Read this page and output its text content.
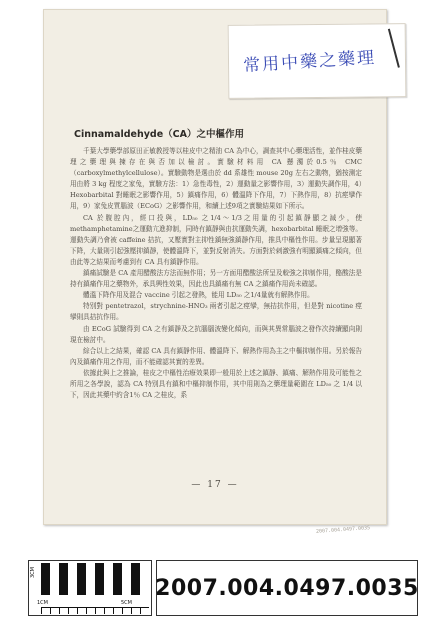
常用中藥之藥理
Cinnamaldehyde（CA）之中樞作用

千葉大學藥學部原田正敏教授等以桂皮中之精油 CA 為中心，調查其中心藥理活性，並作桂皮藥理之藥理與揀存在與否加以檢討。實驗材料用 CA 懸濁於0.5％ CMC（carboxylmethylcellulose）。實驗動物是選由於 dd 系雄性 mouse 20g 左右之動物，猶按測定用由將 3 kg 程度之家兔，實驗方法：1）急性毒性，2）運動量之影響作用，3）運動失調作用，4）Hexobarbital 對睡眠之影響作用，5）鎮痛作用，6）體溫降下作用，7）下熱作用，8）抗痙攣作用，9）家兔皮質腦波（ECoG）之影響作用，和續上述9項之實驗結果如下所示。

CA 於腹腔內，經口投與，LD₅₀ 之1/4～1/3之用量的引起鎮靜顯之減少，使 methamphetamine之運動亢進抑制，同時有鎮靜與由抗運動失調，hexobarbital 睡眠之增強等。運動失調乃會被 caffeine 拮抗，又壓實對主抑性鎮無強鎮靜作用，推具中樞性作用。步量呈現顯著下降，大量則引起強壓抑鎮靜，使體溫降下，並對反射消失。方面對於刺激強有明顯鎮痛之傾向，但由此等之結果而考慮到有 CA 具有鎮靜作用。

鎮痛試驗是 CA 產用醋酸法方法而無作用；另一方面用醋酸法所呈及較強之抑制作用，酪酸法是持有鎮痛作用之藥物外，承具興性效果，因此也具鎮痛有無 CA 之鎮痛作用尚未確認。

體溫下降作用及混合 vaccine 引起之發熱，能用 LD₅₀ 之1/4量就有解熱作用。

特別對 pentetrazol，strychnine-HNO₃ 兩者引起之痙攣，無拮抗作用，但是對 nicotine 痙攣則具拮抗作用。

由 ECoG 試驗得到 CA 之有鎮靜及之抗腦腦波變化傾向，而與其異常腦波之發作次持續顯向則現在檢討中。

綜合以上之結果，確認 CA 具有鎮靜作用、體溫降下、解熱作用為主之中樞抑制作用。另於報告內及鎮痛作用之作用，而不能確認其實的差異。

依據此與上之推論，桂皮之中樞性治療效果即一般用於上述之鎮靜、鎮痛、解熱作用及可能性之所用之各學說，認為 CA 特別具有鎮和中樞抑制作用，其中用則為之藥理量範圍在 LD₅₀ 之 1/4 以下，因此其藥中約含1％ CA 之桂皮，系

— 17 —
2007.004.0497.0035
3CM
1CM	5CM
2007.004.0497.0035
